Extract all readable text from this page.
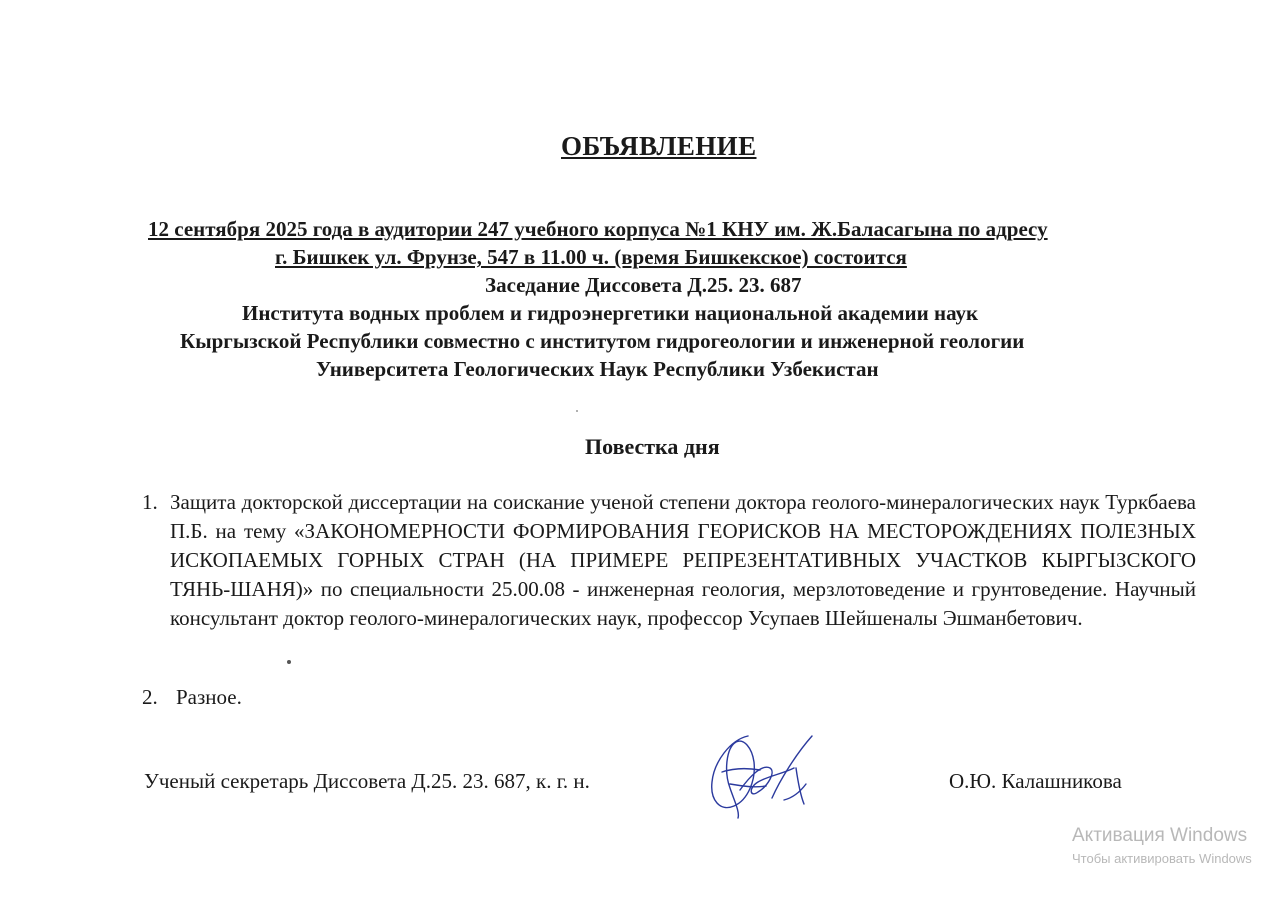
ОБЪЯВЛЕНИЕ
12 сентября 2025 года в аудитории 247 учебного корпуса №1 КНУ им. Ж.Баласагына по адресу
г. Бишкек ул. Фрунзе, 547 в 11.00 ч. (время Бишкекское) состоится
Заседание Диссовета Д.25. 23. 687
Института водных проблем и гидроэнергетики национальной академии наук
Кыргызской Республики совместно с институтом гидрогеологии и инженерной геологии
Университета Геологических Наук Республики Узбекистан
Повестка дня
1. Защита докторской диссертации на соискание ученой степени доктора геолого-минералогических наук Туркбаева П.Б. на тему «ЗАКОНОМЕРНОСТИ ФОРМИРОВАНИЯ ГЕОРИСКОВ НА МЕСТОРОЖДЕНИЯХ ПОЛЕЗНЫХ ИСКОПАЕМЫХ ГОРНЫХ СТРАН (НА ПРИМЕРЕ РЕПРЕЗЕНТАТИВНЫХ УЧАСТКОВ КЫРГЫЗСКОГО ТЯНЬ-ШАНЯ)» по специальности 25.00.08 - инженерная геология, мерзлотоведение и грунтоведение. Научный консультант доктор геолого-минералогических наук, профессор Усупаев Шейшеналы Эшманбетович.
2. Разное.
Ученый секретарь Диссовета Д.25. 23. 687, к. г. н.	О.Ю. Калашникова
Активация Windows
Чтобы активировать Windows
